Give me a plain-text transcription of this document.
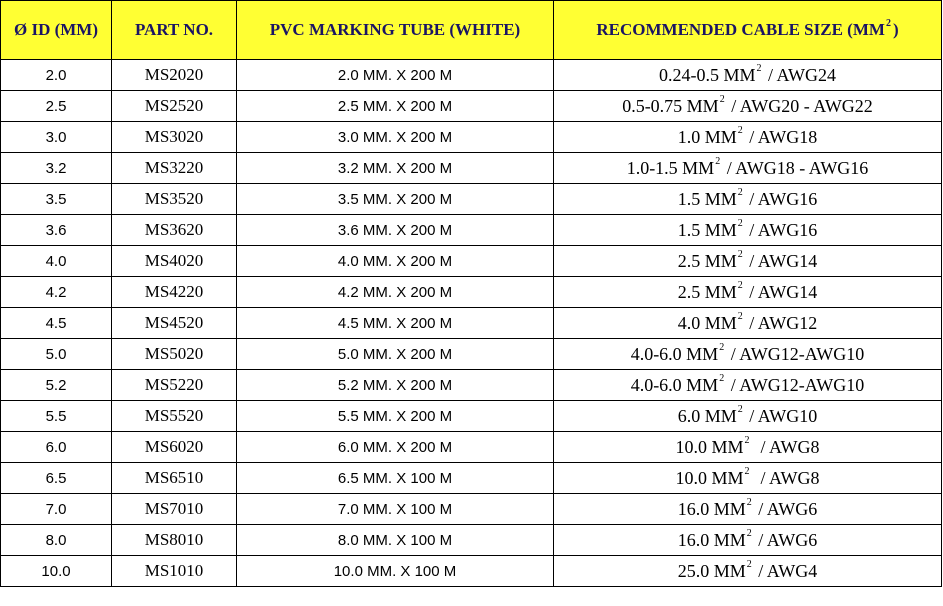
Ø ID (MM)	PART NO.	PVC MARKING TUBE (WHITE)	RECOMMENDED CABLE SIZE ($MM^2$ )
2.0	MS2020	2.0 MM. X 200 M	0.24-0.5 $MM^2 / AWG24$
2.5	MS2520	2.5 MM. X 200 M	0.5-0.75 $MM^2 / AWG20 - AWG22$
3.0	MS3020	3.0 MM. X 200 M	1.0 $MM^2 / AWG18$
3.2	MS3220	3.2 MM. X 200 M	1.0-1.5 $MM^2 / AWG18 - AWG16$
3.5	MS3520	3.5 MM. X 200 M	1.5 $MM^2 / AWG16$
3.6	MS3620	3.6 MM. X 200 M	1.5 $MM^2 / AWG16$
4.0	MS4020	4.0 MM. X 200 M	2.5 $MM^2 / AWG14$
4.2	MS4220	4.2 MM. X 200 M	2.5 $MM^2 / AWG14$
4.5	MS4520	4.5 MM. X 200 M	4.0 $MM^2 / AWG12$
5.0	MS5020	5.0 MM. X 200 M	4.0-6.0 $MM^2 / AWG12-AWG10$
5.2	MS5220	5.2 MM. X 200 M	4.0-6.0 $MM^2 / AWG12-AWG10$
5.5	MS5520	5.5 MM. X 200 M	6.0 $MM^2 / AWG10$
6.0	MS6020	6.0 MM. X 200 M	10.0 $MM^2 / AWG8$
6.5	MS6510	6.5 MM. X 100 M	10.0 $MM^2 / AWG8$
7.0	MS7010	7.0 MM. X 100 M	16.0 $MM^2 / AWG6$
8.0	MS8010	8.0 MM. X 100 M	16.0 $MM^2 / AWG6$
10.0	MS1010	10.0 MM. X 100 M	25.0 $MM^2 / AWG4$
